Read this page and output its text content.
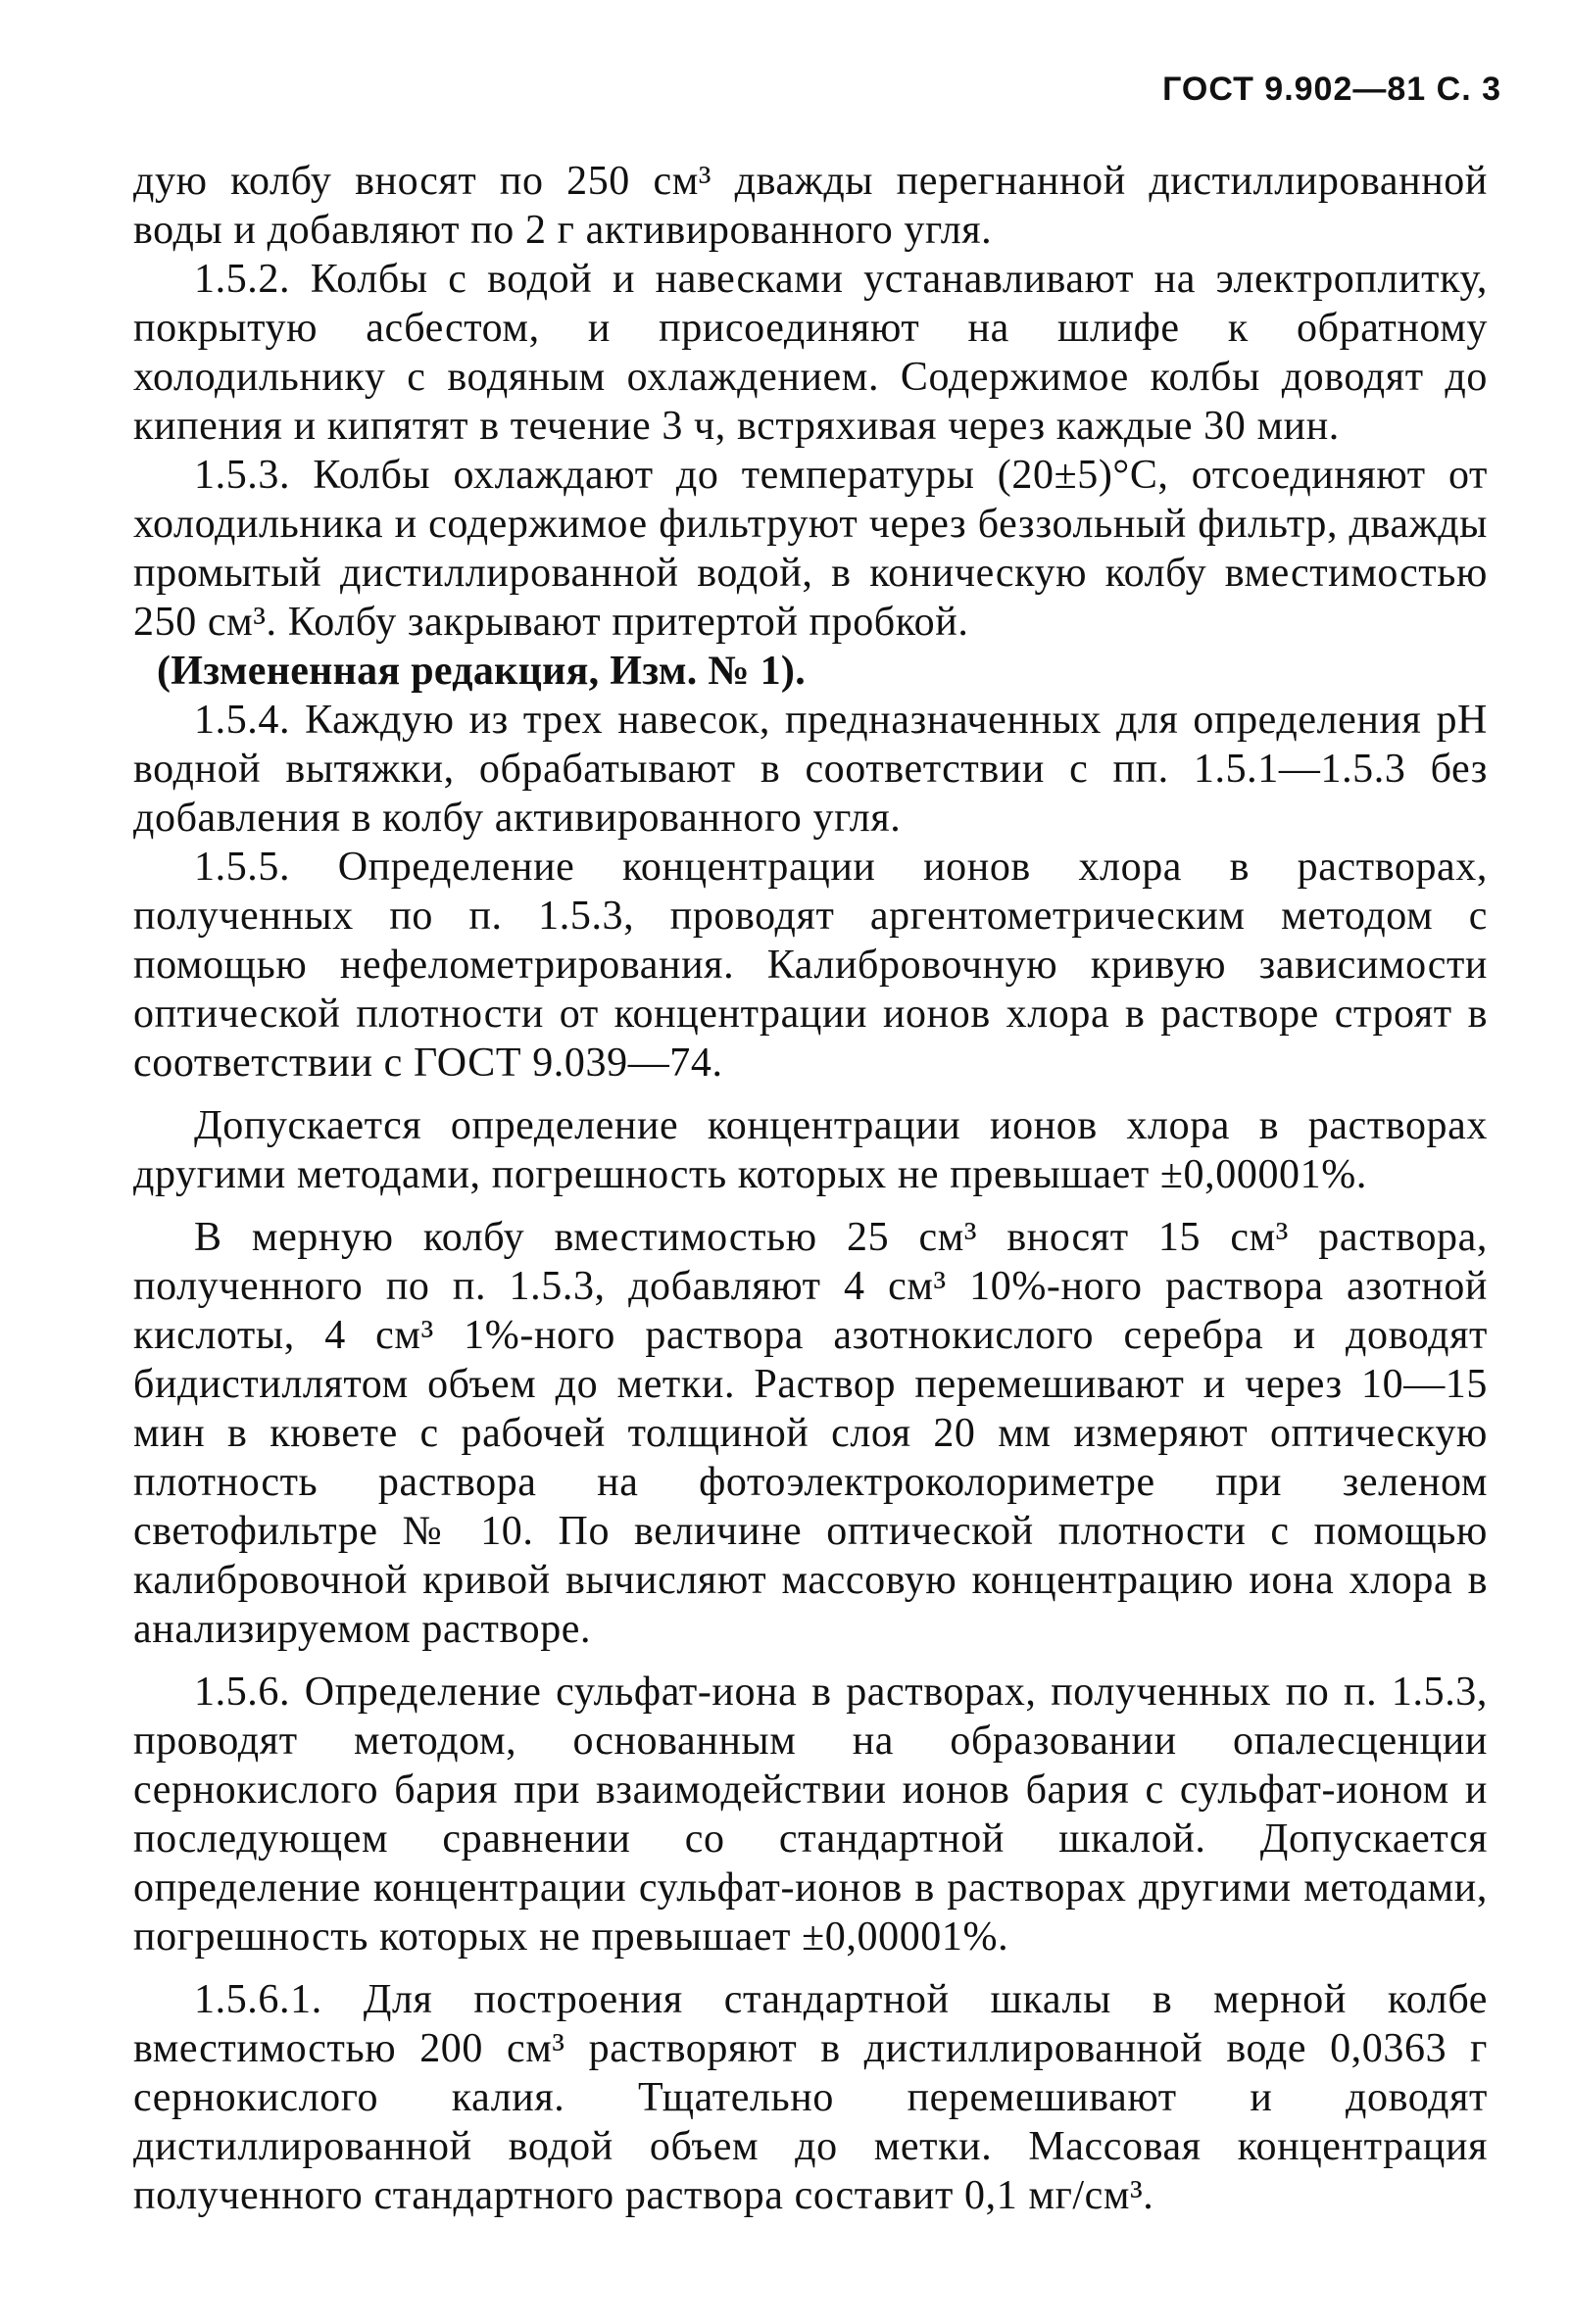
ГОСТ 9.902—81 С. 3

дую колбу вносят по 250 см³ дважды перегнанной дистиллированной воды и добавляют по 2 г активированного угля.

1.5.2. Колбы с водой и навесками устанавливают на электроплитку, покрытую асбестом, и присоединяют на шлифе к обратному холодильнику с водяным охлаждением. Содержимое колбы доводят до кипения и кипятят в течение 3 ч, встряхивая через каждые 30 мин.

1.5.3. Колбы охлаждают до температуры (20±5)°С, отсоединяют от холодильника и содержимое фильтруют через беззольный фильтр, дважды промытый дистиллированной водой, в коническую колбу вместимостью 250 см³. Колбу закрывают притертой пробкой.

(Измененная редакция, Изм. № 1).

1.5.4. Каждую из трех навесок, предназначенных для определения рН водной вытяжки, обрабатывают в соответствии с пп. 1.5.1—1.5.3 без добавления в колбу активированного угля.

1.5.5. Определение концентрации ионов хлора в растворах, полученных по п. 1.5.3, проводят аргентометрическим методом с помощью нефелометрирования. Калибровочную кривую зависимости оптической плотности от концентрации ионов хлора в растворе строят в соответствии с ГОСТ 9.039—74.

Допускается определение концентрации ионов хлора в растворах другими методами, погрешность которых не превышает ±0,00001%.

В мерную колбу вместимостью 25 см³ вносят 15 см³ раствора, полученного по п. 1.5.3, добавляют 4 см³ 10%-ного раствора азотной кислоты, 4 см³ 1%-ного раствора азотнокислого серебра и доводят бидистиллятом объем до метки. Раствор перемешивают и через 10—15 мин в кювете с рабочей толщиной слоя 20 мм измеряют оптическую плотность раствора на фотоэлектроколориметре при зеленом светофильтре № 10. По величине оптической плотности с помощью калибровочной кривой вычисляют массовую концентрацию иона хлора в анализируемом растворе.

1.5.6. Определение сульфат-иона в растворах, полученных по п. 1.5.3, проводят методом, основанным на образовании опалесценции сернокислого бария при взаимодействии ионов бария с сульфат-ионом и последующем сравнении со стандартной шкалой. Допускается определение концентрации сульфат-ионов в растворах другими методами, погрешность которых не превышает ±0,00001%.

1.5.6.1. Для построения стандартной шкалы в мерной колбе вместимостью 200 см³ растворяют в дистиллированной воде 0,0363 г сернокислого калия. Тщательно перемешивают и доводят дистиллированной водой объем до метки. Массовая концентрация полученного стандартного раствора составит 0,1 мг/см³.
